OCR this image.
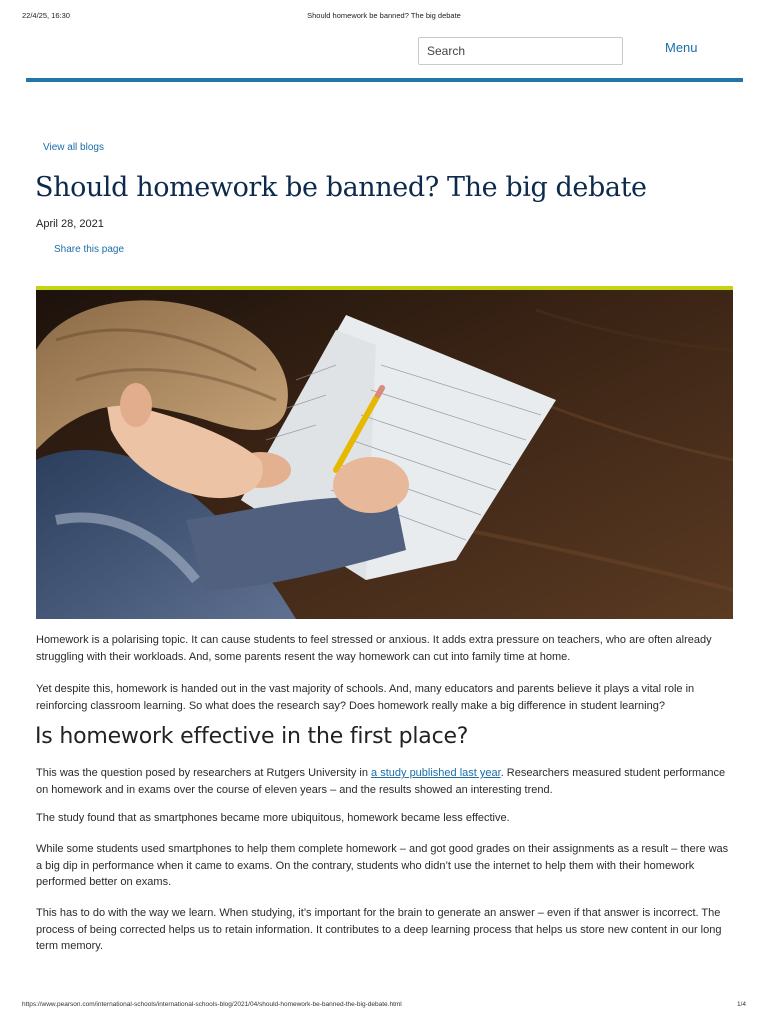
22/4/25, 16:30	Should homework be banned? The big debate
Search
Menu
View all blogs
Should homework be banned? The big debate
April 28, 2021
Share this page

Homework is a polarising topic. It can cause students to feel stressed or anxious. It adds extra pressure on teachers, who are often already struggling with their workloads. And, some parents resent the way homework can cut into family time at home.

Yet despite this, homework is handed out in the vast majority of schools. And, many educators and parents believe it plays a vital role in reinforcing classroom learning. So what does the research say? Does homework really make a big difference in student learning?

Is homework effective in the first place?

This was the question posed by researchers at Rutgers University in a study published last year. Researchers measured student performance on homework and in exams over the course of eleven years – and the results showed an interesting trend.

The study found that as smartphones became more ubiquitous, homework became less effective.

While some students used smartphones to help them complete homework – and got good grades on their assignments as a result – there was a big dip in performance when it came to exams. On the contrary, students who didn’t use the internet to help them with their homework performed better on exams.

This has to do with the way we learn. When studying, it’s important for the brain to generate an answer – even if that answer is incorrect. The process of being corrected helps us to retain information. It contributes to a deep learning process that helps us store new content in our long term memory.

https://www.pearson.com/international-schools/international-schools-blog/2021/04/should-homework-be-banned-the-big-debate.html	1/4
